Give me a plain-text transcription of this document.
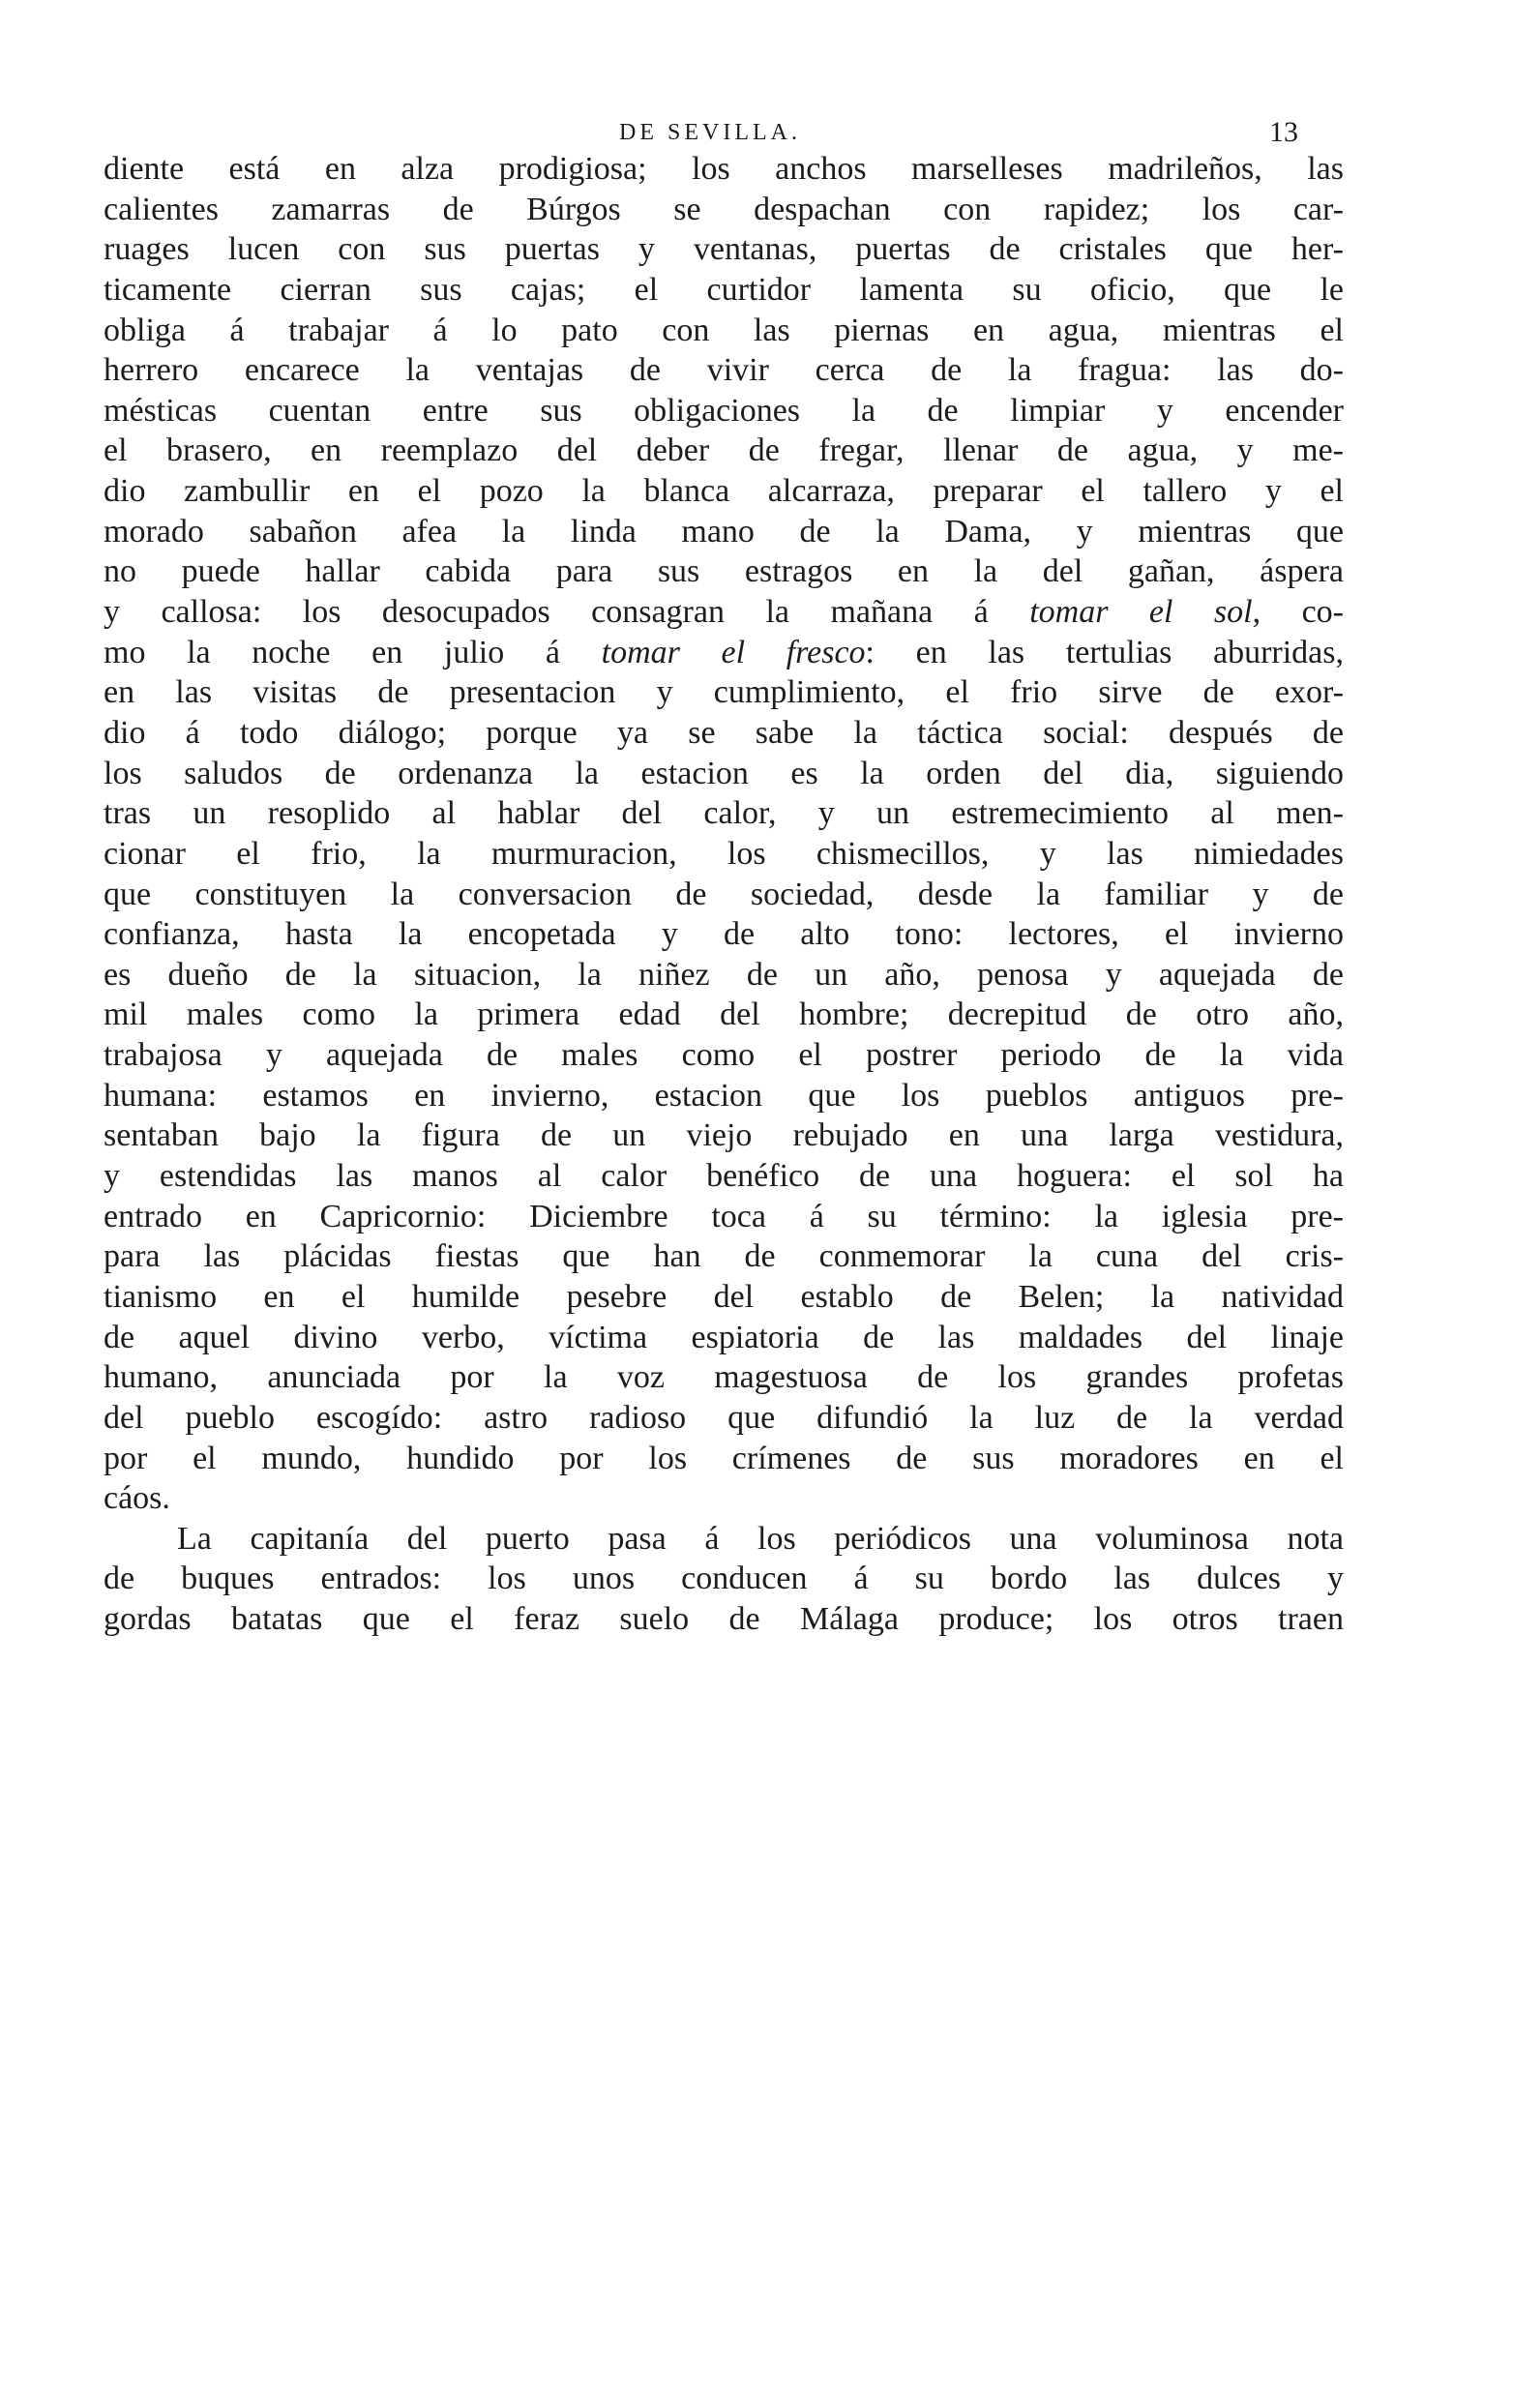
DE SEVILLA.	13
diente está en alza prodigiosa; los anchos marselleses madrileños, las
calientes zamarras de Búrgos se despachan con rapidez; los car-
ruages lucen con sus puertas y ventanas, puertas de cristales que her-
ticamente cierran sus cajas; el curtidor lamenta su oficio, que le
obliga á trabajar á lo pato con las piernas en agua, mientras el
herrero encarece la ventajas de vivir cerca de la fragua: las do-
mésticas cuentan entre sus obligaciones la de limpiar y encender
el brasero, en reemplazo del deber de fregar, llenar de agua, y me-
dio zambullir en el pozo la blanca alcarraza, preparar el tallero y el
morado sabañon afea la linda mano de la Dama, y mientras que
no puede hallar cabida para sus estragos en la del gañan, áspera
y callosa: los desocupados consagran la mañana á tomar el sol, co-
mo la noche en julio á tomar el fresco: en las tertulias aburridas,
en las visitas de presentacion y cumplimiento, el frio sirve de exor-
dio á todo diálogo; porque ya se sabe la táctica social: después de
los saludos de ordenanza la estacion es la orden del dia, siguiendo
tras un resoplido al hablar del calor, y un estremecimiento al men-
cionar el frio, la murmuracion, los chismecillos, y las nimiedades
que constituyen la conversacion de sociedad, desde la familiar y de
confianza, hasta la encopetada y de alto tono: lectores, el invierno
es dueño de la situacion, la niñez de un año, penosa y aquejada de
mil males como la primera edad del hombre; decrepitud de otro año,
trabajosa y aquejada de males como el postrer periodo de la vida
humana: estamos en invierno, estacion que los pueblos antiguos pre-
sentaban bajo la figura de un viejo rebujado en una larga vestidura,
y estendidas las manos al calor benéfico de una hoguera: el sol ha
entrado en Capricornio: Diciembre toca á su término: la iglesia pre-
para las plácidas fiestas que han de conmemorar la cuna del cris-
tianismo en el humilde pesebre del establo de Belen; la natividad
de aquel divino verbo, víctima espiatoria de las maldades del linaje
humano, anunciada por la voz magestuosa de los grandes profetas
del pueblo escogído: astro radioso que difundió la luz de la verdad
por el mundo, hundido por los crímenes de sus moradores en el
cáos.
La capitanía del puerto pasa á los periódicos una voluminosa nota
de buques entrados: los unos conducen á su bordo las dulces y
gordas batatas que el feraz suelo de Málaga produce; los otros traen
